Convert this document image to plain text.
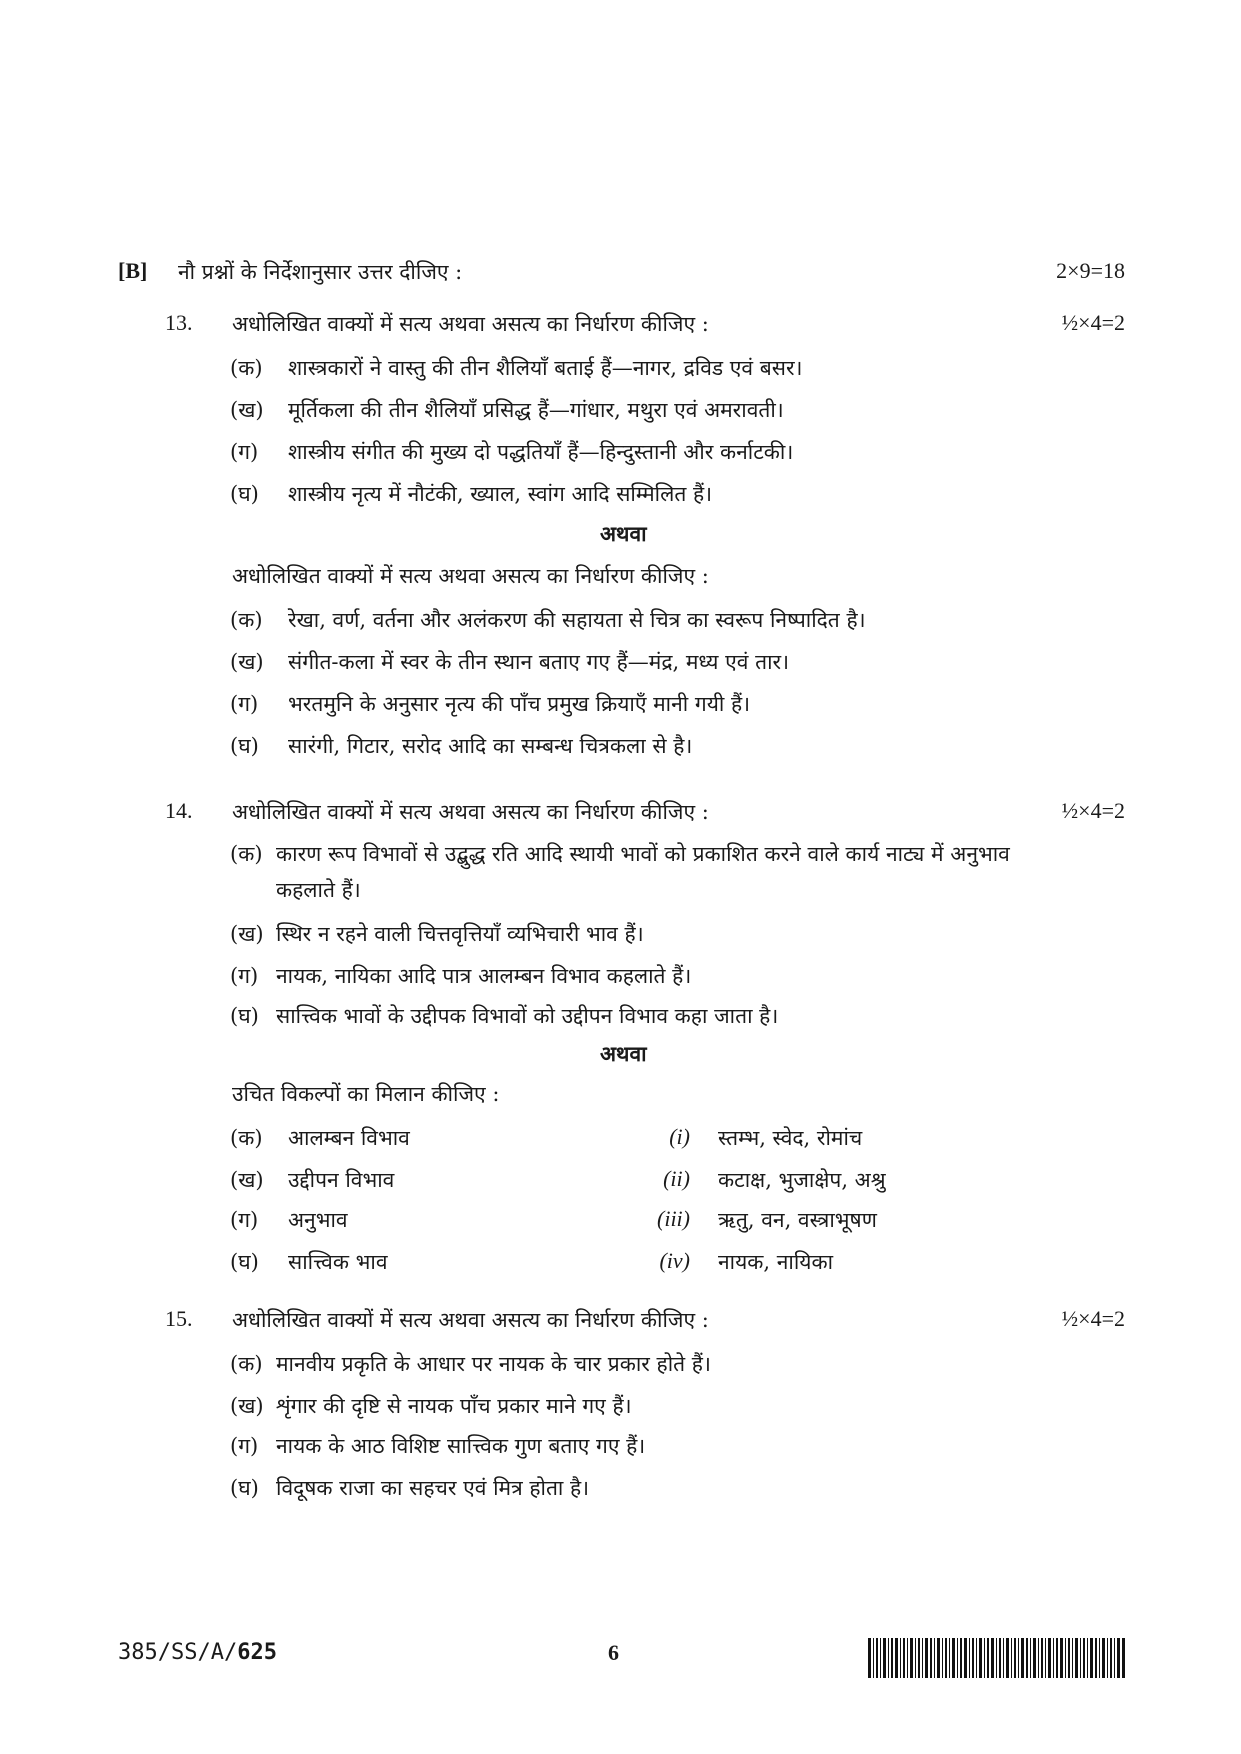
[B] नौ प्रश्नों के निर्देशानुसार उत्तर दीजिए :	2×9=18
13. अधोलिखित वाक्यों में सत्य अथवा असत्य का निर्धारण कीजिए :	½×4=2
(क) शास्त्रकारों ने वास्तु की तीन शैलियाँ बताई हैं—नागर, द्रविड एवं बसर।
(ख) मूर्तिकला की तीन शैलियाँ प्रसिद्ध हैं—गांधार, मथुरा एवं अमरावती।
(ग) शास्त्रीय संगीत की मुख्य दो पद्धतियाँ हैं—हिन्दुस्तानी और कर्नाटकी।
(घ) शास्त्रीय नृत्य में नौटंकी, ख्याल, स्वांग आदि सम्मिलित हैं।
अथवा
अधोलिखित वाक्यों में सत्य अथवा असत्य का निर्धारण कीजिए :
(क) रेखा, वर्ण, वर्तना और अलंकरण की सहायता से चित्र का स्वरूप निष्पादित है।
(ख) संगीत-कला में स्वर के तीन स्थान बताए गए हैं—मंद्र, मध्य एवं तार।
(ग) भरतमुनि के अनुसार नृत्य की पाँच प्रमुख क्रियाएँ मानी गयी हैं।
(घ) सारंगी, गिटार, सरोद आदि का सम्बन्ध चित्रकला से है।
14. अधोलिखित वाक्यों में सत्य अथवा असत्य का निर्धारण कीजिए :	½×4=2
(क) कारण रूप विभावों से उद्बुद्ध रति आदि स्थायी भावों को प्रकाशित करने वाले कार्य नाट्य में अनुभाव
कहलाते हैं।
(ख) स्थिर न रहने वाली चित्तवृत्तियाँ व्यभिचारी भाव हैं।
(ग) नायक, नायिका आदि पात्र आलम्बन विभाव कहलाते हैं।
(घ) सात्त्विक भावों के उद्दीपक विभावों को उद्दीपन विभाव कहा जाता है।
अथवा
उचित विकल्पों का मिलान कीजिए :
(क) आलम्बन विभाव	(i) स्तम्भ, स्वेद, रोमांच
(ख) उद्दीपन विभाव	(ii) कटाक्ष, भुजाक्षेप, अश्रु
(ग) अनुभाव	(iii) ऋतु, वन, वस्त्राभूषण
(घ) सात्त्विक भाव	(iv) नायक, नायिका
15. अधोलिखित वाक्यों में सत्य अथवा असत्य का निर्धारण कीजिए :	½×4=2
(क) मानवीय प्रकृति के आधार पर नायक के चार प्रकार होते हैं।
(ख) शृंगार की दृष्टि से नायक पाँच प्रकार माने गए हैं।
(ग) नायक के आठ विशिष्ट सात्त्विक गुण बताए गए हैं।
(घ) विदूषक राजा का सहचर एवं मित्र होता है।
385/SS/A/625	6
